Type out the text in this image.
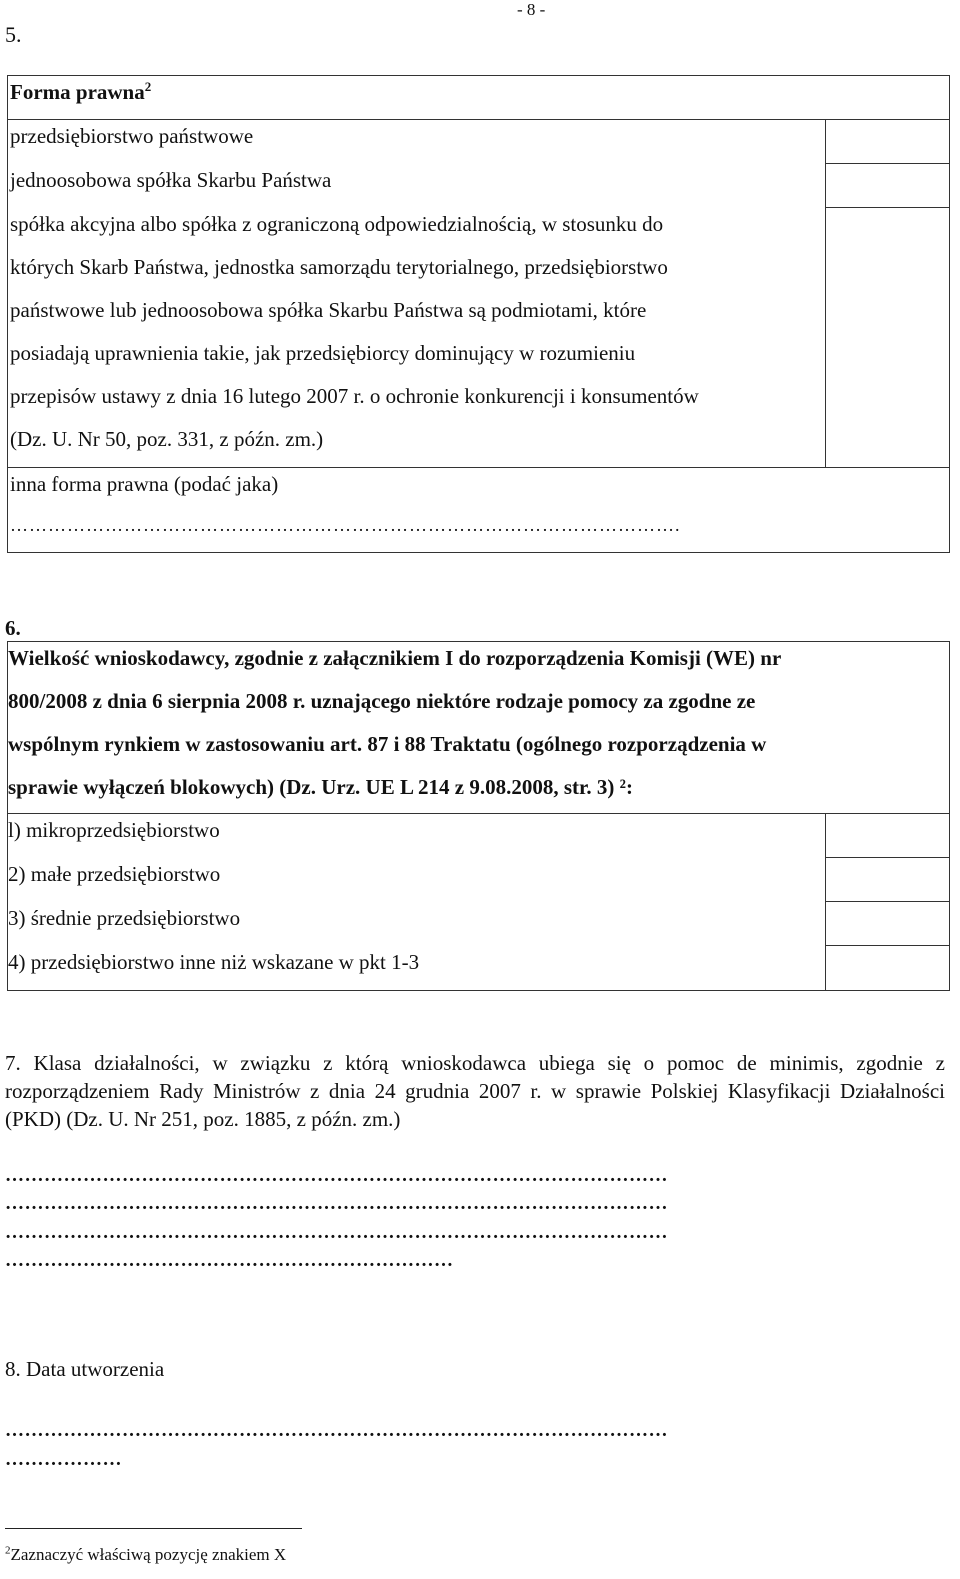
- 8 -
5.
Forma prawna$^2$
przedsiębiorstwo państwowe
jednoosobowa spółka Skarbu Państwa
spółka akcyjna albo spółka z ograniczoną odpowiedzialnością, w stosunku do
których Skarb Państwa, jednostka samorządu terytorialnego, przedsiębiorstwo
państwowe lub jednoosobowa spółka Skarbu Państwa są podmiotami, które
posiadają uprawnienia takie, jak przedsiębiorcy dominujący w rozumieniu
przepisów ustawy z dnia 16 lutego 2007 r. o ochronie konkurencji i konsumentów
(Dz. U. Nr 50, poz. 331, z późn. zm.)
inna forma prawna (podać jaka)
…………………………………………………………………………………………….
6.
Wielkość wnioskodawcy, zgodnie z załącznikiem I do rozporządzenia Komisji (WE) nr
800/2008 z dnia 6 sierpnia 2008 r. uznającego niektóre rodzaje pomocy za zgodne ze
wspólnym rynkiem w zastosowaniu art. 87 i 88 Traktatu (ogólnego rozporządzenia w
sprawie wyłączeń blokowych) (Dz. Urz. UE L 214 z 9.08.2008, str. 3) ²:
l) mikroprzedsiębiorstwo
2) małe przedsiębiorstwo
3) średnie przedsiębiorstwo
4) przedsiębiorstwo inne niż wskazane w pkt 1-3
7. Klasa działalności, w związku z którą wnioskodawca ubiega się o pomoc de minimis, zgodnie z rozporządzeniem Rady Ministrów z dnia 24 grudnia 2007 r. w sprawie Polskiej Klasyfikacji Działalności (PKD) (Dz. U. Nr 251, poz. 1885, z późn. zm.)
…………………………………………………………………………………………
…………………………………………………………………………………………
…………………………………………………………………………………………
……………………………………………………………
8. Data utworzenia
…………………………………………………………………………………………
………………
$^2$Zaznaczyć właściwą pozycję znakiem X
